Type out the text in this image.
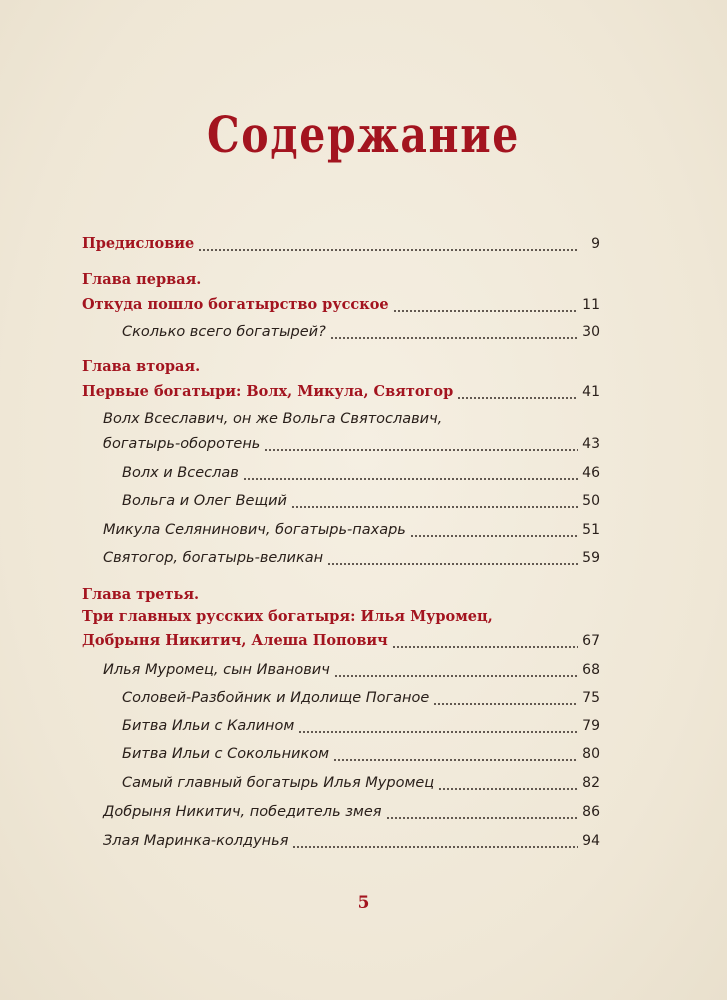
Содержание
Предисловие	9
Глава первая.
Откуда пошло богатырство русское	11
Сколько всего богатырей?	30
Глава вторая.
Первые богатыри: Волх, Микула, Святогор	41
Волх Всеславич, он же Вольга Святославич,
богатырь-оборотень	43
Волх и Всеслав	46
Вольга и Олег Вещий	50
Микула Селянинович, богатырь-пахарь	51
Святогор, богатырь-великан	59
Глава третья.
Три главных русских богатыря: Илья Муромец,
Добрыня Никитич, Алеша Попович	67
Илья Муромец, сын Иванович	68
Соловей-Разбойник и Идолище Поганое	75
Битва Ильи с Калином	79
Битва Ильи с Сокольником	80
Самый главный богатырь Илья Муромец	82
Добрыня Никитич, победитель змея	86
Злая Маринка-колдунья	94
5
